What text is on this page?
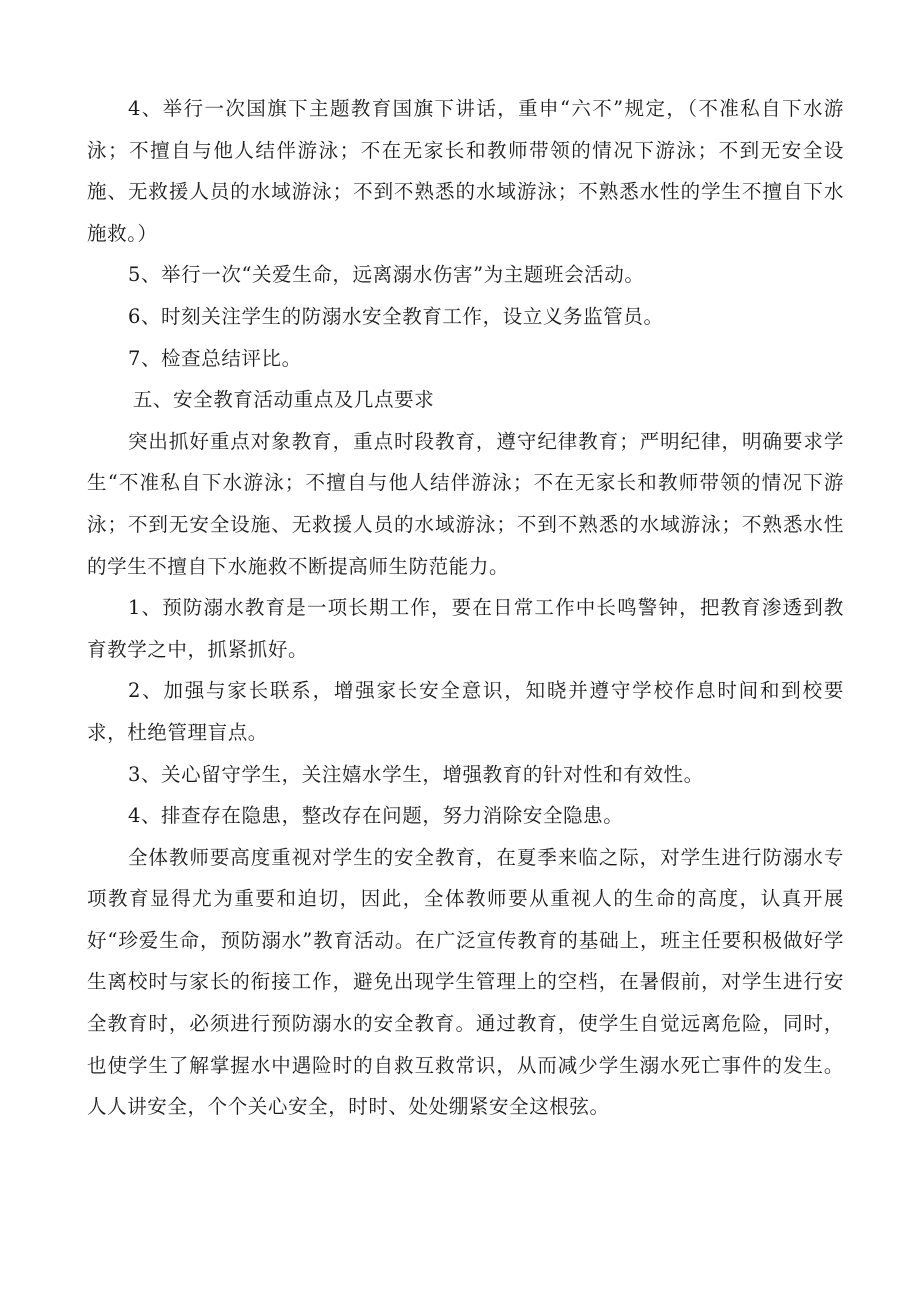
4、举行一次国旗下主题教育国旗下讲话，重申“六不”规定，（不准私自下水游泳；不擅自与他人结伴游泳；不在无家长和教师带领的情况下游泳；不到无安全设施、无救援人员的水域游泳；不到不熟悉的水域游泳；不熟悉水性的学生不擅自下水施救。）

5、举行一次“关爱生命，远离溺水伤害”为主题班会活动。

6、时刻关注学生的防溺水安全教育工作，设立义务监管员。

7、检查总结评比。

五、安全教育活动重点及几点要求

突出抓好重点对象教育，重点时段教育，遵守纪律教育；严明纪律，明确要求学生“不准私自下水游泳；不擅自与他人结伴游泳；不在无家长和教师带领的情况下游泳；不到无安全设施、无救援人员的水域游泳；不到不熟悉的水域游泳；不熟悉水性的学生不擅自下水施救不断提高师生防范能力。

1、预防溺水教育是一项长期工作，要在日常工作中长鸣警钟，把教育渗透到教育教学之中，抓紧抓好。

2、加强与家长联系，增强家长安全意识，知晓并遵守学校作息时间和到校要求，杜绝管理盲点。

3、关心留守学生，关注嬉水学生，增强教育的针对性和有效性。

4、排查存在隐患，整改存在问题，努力消除安全隐患。

全体教师要高度重视对学生的安全教育，在夏季来临之际，对学生进行防溺水专项教育显得尤为重要和迫切，因此，全体教师要从重视人的生命的高度，认真开展好“珍爱生命，预防溺水”教育活动。在广泛宣传教育的基础上，班主任要积极做好学生离校时与家长的衔接工作，避免出现学生管理上的空档，在暑假前，对学生进行安全教育时，必须进行预防溺水的安全教育。通过教育，使学生自觉远离危险，同时，也使学生了解掌握水中遇险时的自救互救常识，从而减少学生溺水死亡事件的发生。人人讲安全，个个关心安全，时时、处处绷紧安全这根弦。
